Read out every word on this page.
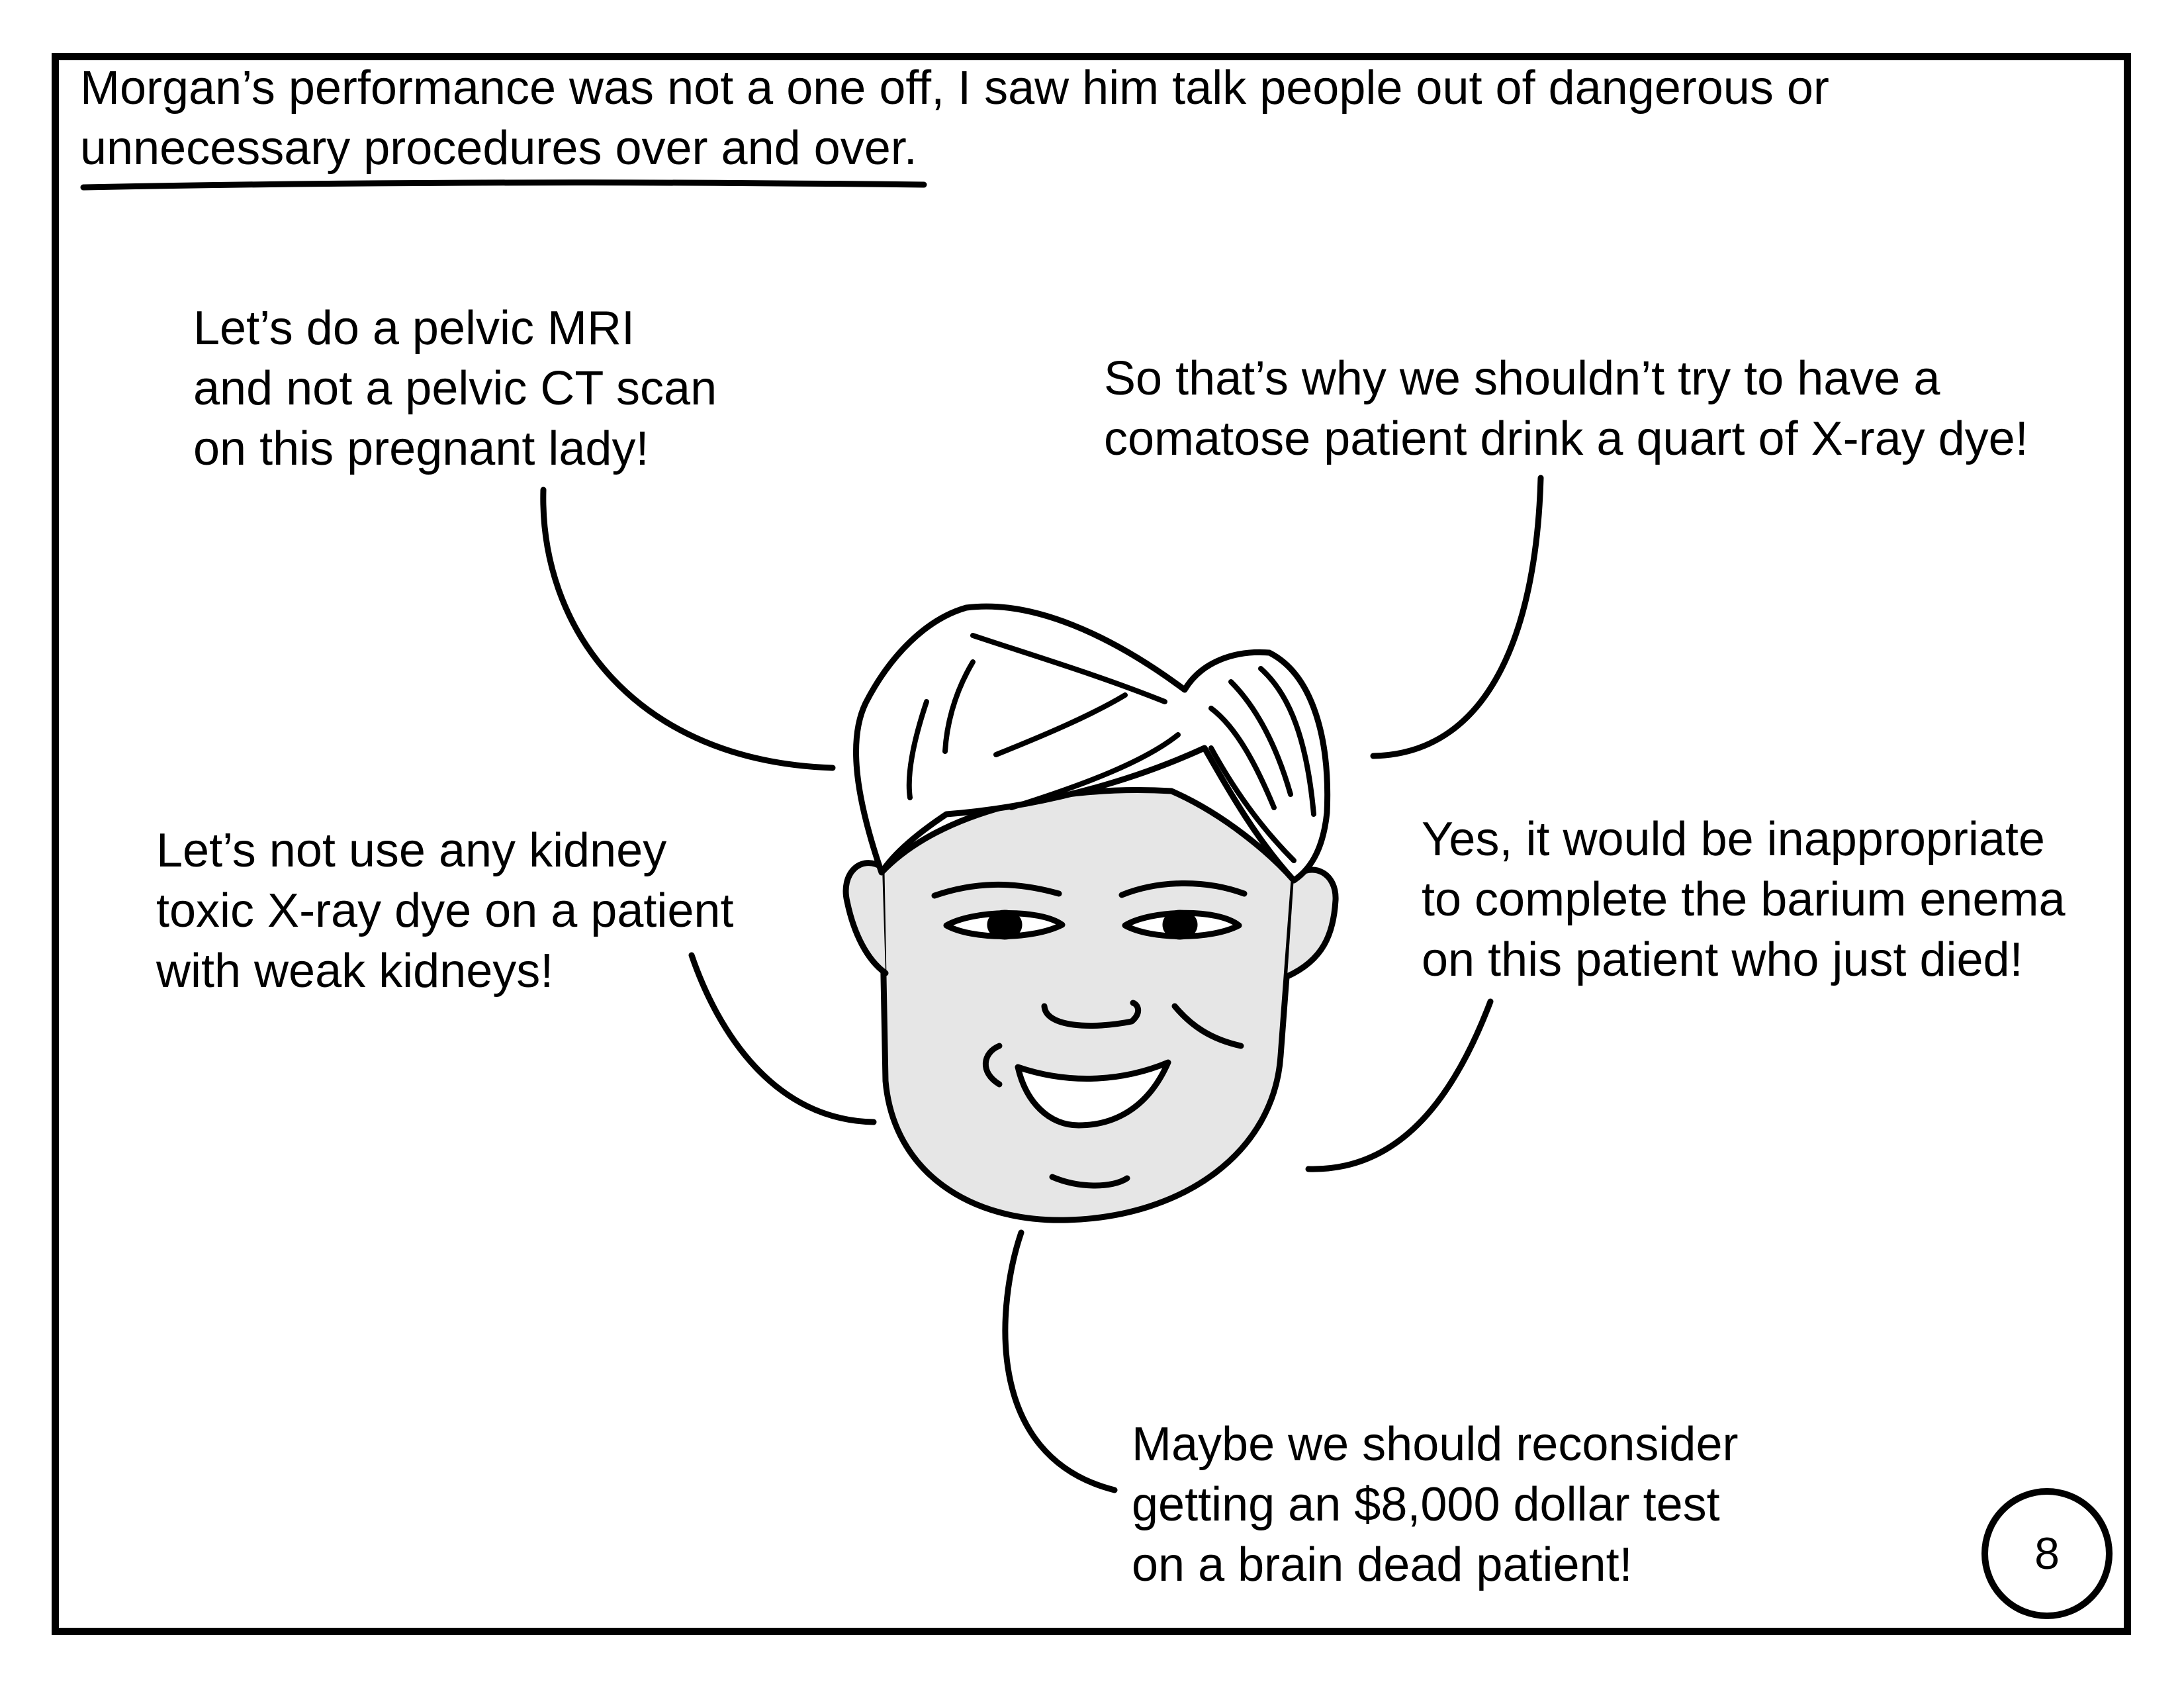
Morgan’s performance was not a one off, I saw him talk people out of dangerous or
unnecessary procedures over and over.

Let’s do a pelvic MRI
and not a pelvic CT scan
on this pregnant lady!

So that’s why we shouldn’t try to have a
comatose patient drink a quart of X-ray dye!

Let’s not use any kidney
toxic X-ray dye on a patient
with weak kidneys!

Yes, it would be inappropriate
to complete the barium enema
on this patient who just died!

Maybe we should reconsider
getting an $8,000 dollar test
on a brain dead patient!	8
